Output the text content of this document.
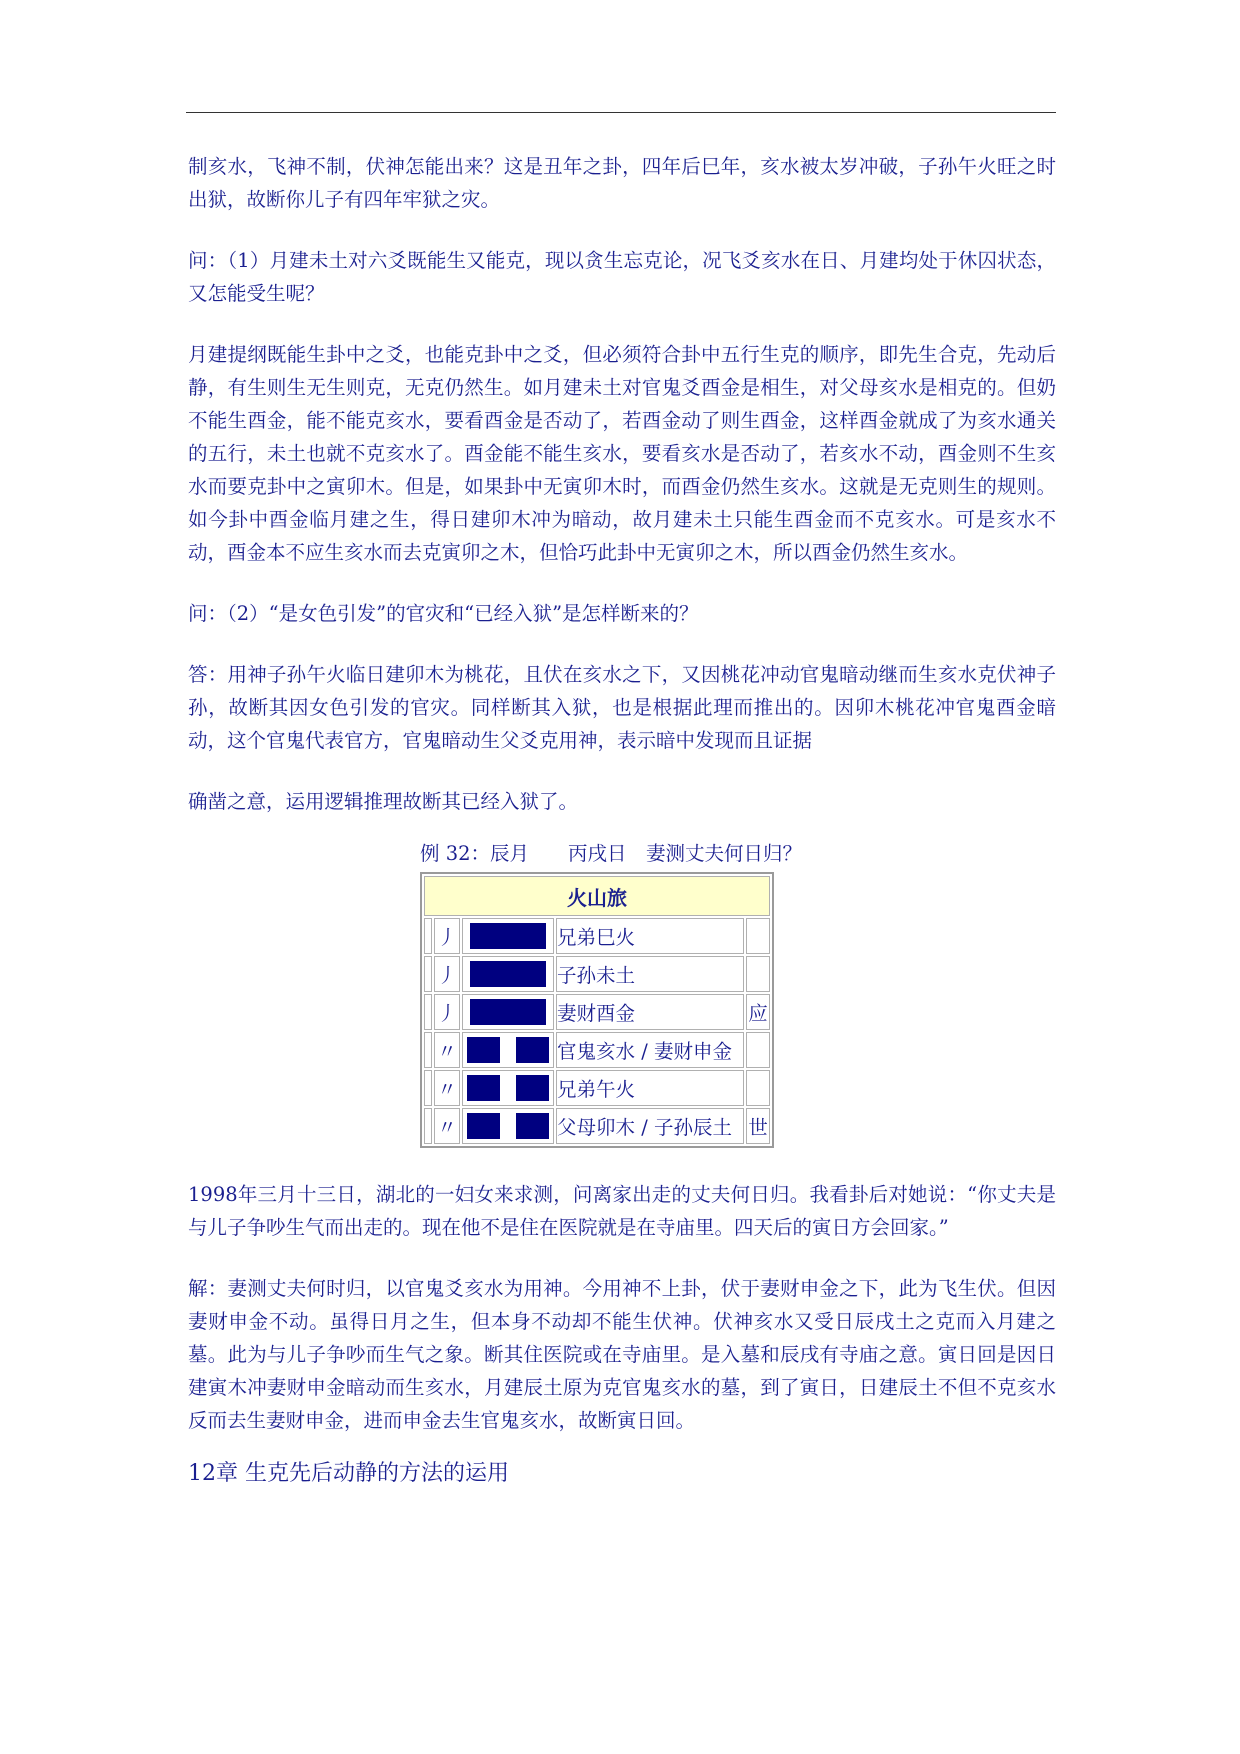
制亥水，飞神不制，伏神怎能出来？这是丑年之卦，四年后巳年，亥水被太岁冲破，子孙午火旺之时出狱，故断你儿子有四年牢狱之灾。

问：（1）月建未土对六爻既能生又能克，现以贪生忘克论，况飞爻亥水在日、月建均处于休囚状态，又怎能受生呢？

月建提纲既能生卦中之爻，也能克卦中之爻，但必须符合卦中五行生克的顺序，即先生合克，先动后静，有生则生无生则克，无克仍然生。如月建未土对官鬼爻酉金是相生，对父母亥水是相克的。但奶不能生酉金，能不能克亥水，要看酉金是否动了，若酉金动了则生酉金，这样酉金就成了为亥水通关的五行，未土也就不克亥水了。酉金能不能生亥水，要看亥水是否动了，若亥水不动，酉金则不生亥水而要克卦中之寅卯木。但是，如果卦中无寅卯木时，而酉金仍然生亥水。这就是无克则生的规则。如今卦中酉金临月建之生，得日建卯木冲为暗动，故月建未土只能生酉金而不克亥水。可是亥水不动，酉金本不应生亥水而去克寅卯之木，但恰巧此卦中无寅卯之木，所以酉金仍然生亥水。

问：（2）“是女色引发”的官灾和“已经入狱”是怎样断来的？

答：用神子孙午火临日建卯木为桃花，且伏在亥水之下，又因桃花冲动官鬼暗动继而生亥水克伏神子孙，故断其因女色引发的官灾。同样断其入狱，也是根据此理而推出的。因卯木桃花冲官鬼酉金暗动，这个官鬼代表官方，官鬼暗动生父爻克用神，表示暗中发现而且证据

确凿之意，运用逻辑推理故断其已经入狱了。

例 32：辰月　　丙戌日　妻测丈夫何日归？
火山旅				
	丿		兄弟巳火	
	丿		子孙未土	
	丿		妻财酉金	应
	〃		官鬼亥水 / 妻财申金	
	〃		兄弟午火	
	〃		父母卯木 / 子孙辰土	世

1998年三月十三日，湖北的一妇女来求测，问离家出走的丈夫何日归。我看卦后对她说：“你丈夫是与儿子争吵生气而出走的。现在他不是住在医院就是在寺庙里。四天后的寅日方会回家。”

解：妻测丈夫何时归，以官鬼爻亥水为用神。今用神不上卦，伏于妻财申金之下，此为飞生伏。但因妻财申金不动。虽得日月之生，但本身不动却不能生伏神。伏神亥水又受日辰戌土之克而入月建之墓。此为与儿子争吵而生气之象。断其住医院或在寺庙里。是入墓和辰戌有寺庙之意。寅日回是因日建寅木冲妻财申金暗动而生亥水，月建辰土原为克官鬼亥水的墓，到了寅日，日建辰土不但不克亥水反而去生妻财申金，进而申金去生官鬼亥水，故断寅日回。

12章 生克先后动静的方法的运用
